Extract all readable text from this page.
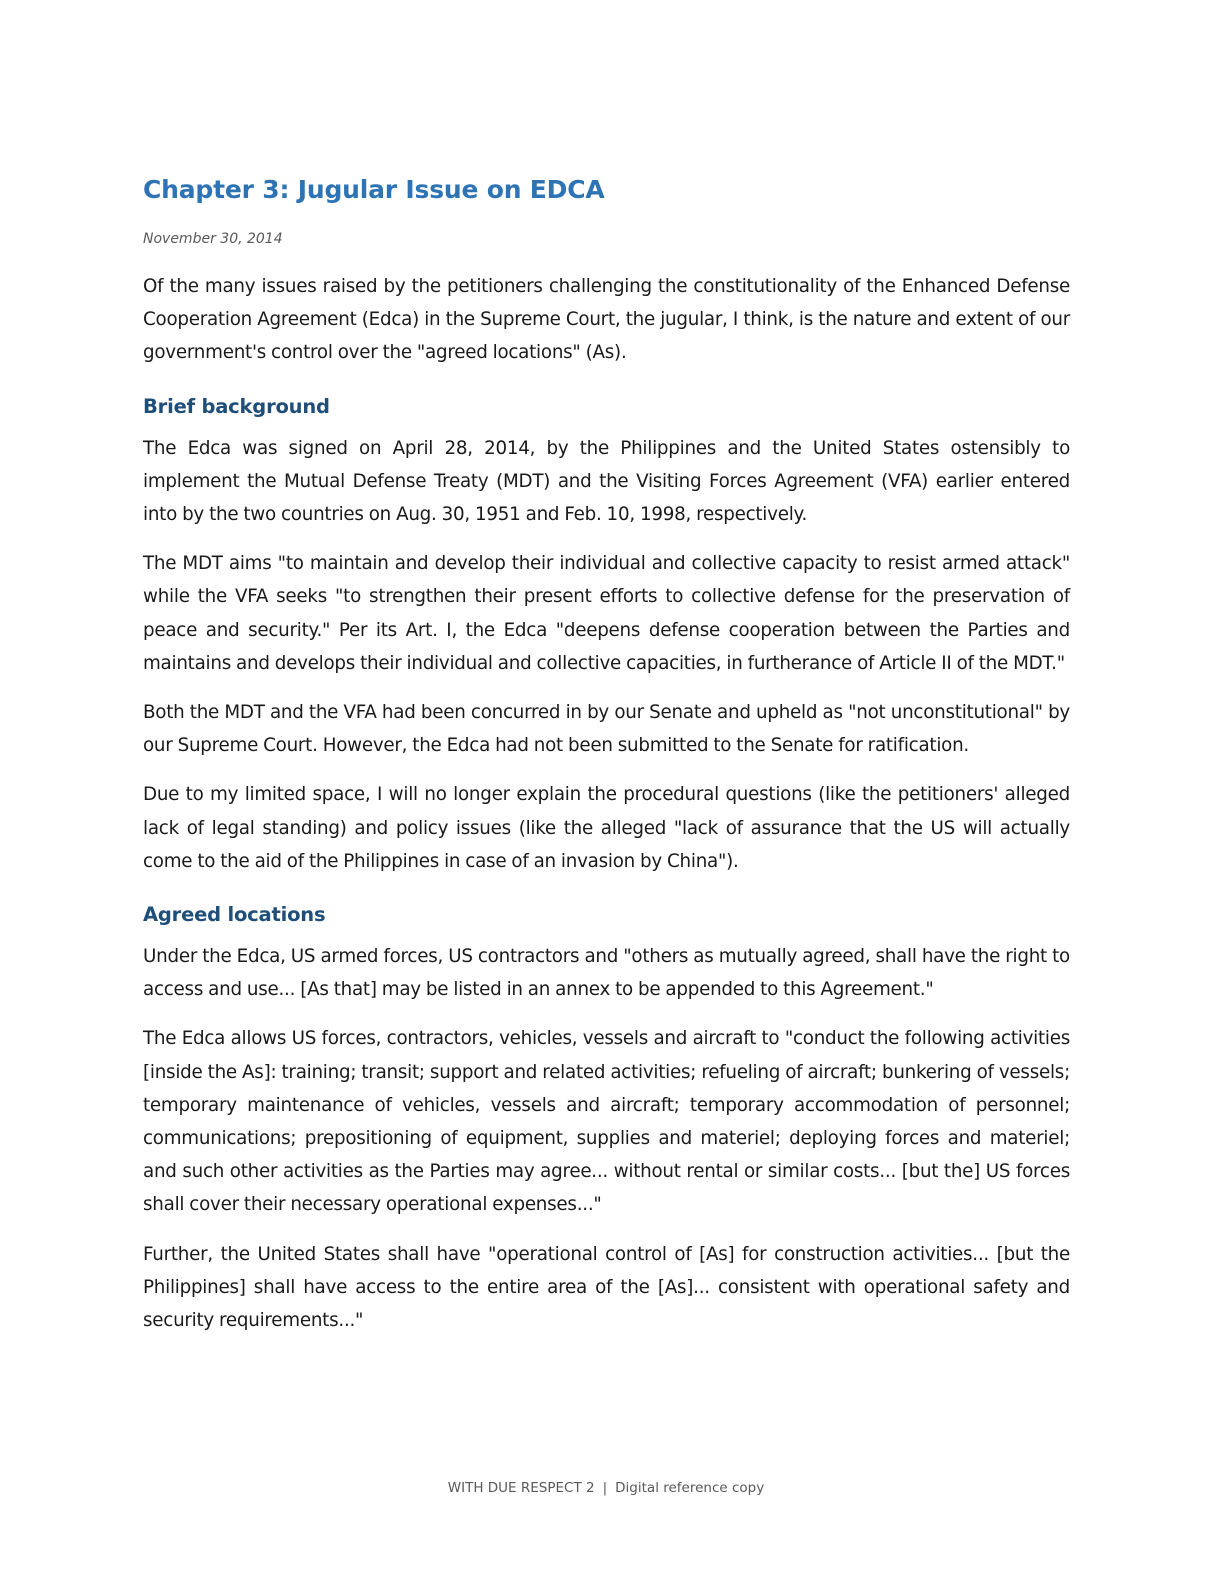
Chapter 3: Jugular Issue on EDCA
November 30, 2014

Of the many issues raised by the petitioners challenging the constitutionality of the Enhanced Defense Cooperation Agreement (Edca) in the Supreme Court, the jugular, I think, is the nature and extent of our government's control over the "agreed locations" (As).

Brief background

The Edca was signed on April 28, 2014, by the Philippines and the United States ostensibly to implement the Mutual Defense Treaty (MDT) and the Visiting Forces Agreement (VFA) earlier entered into by the two countries on Aug. 30, 1951 and Feb. 10, 1998, respectively.

The MDT aims "to maintain and develop their individual and collective capacity to resist armed attack" while the VFA seeks "to strengthen their present efforts to collective defense for the preservation of peace and security." Per its Art. I, the Edca "deepens defense cooperation between the Parties and maintains and develops their individual and collective capacities, in furtherance of Article II of the MDT."

Both the MDT and the VFA had been concurred in by our Senate and upheld as "not unconstitutional" by our Supreme Court. However, the Edca had not been submitted to the Senate for ratification.

Due to my limited space, I will no longer explain the procedural questions (like the petitioners' alleged lack of legal standing) and policy issues (like the alleged "lack of assurance that the US will actually come to the aid of the Philippines in case of an invasion by China").

Agreed locations

Under the Edca, US armed forces, US contractors and "others as mutually agreed, shall have the right to access and use... [As that] may be listed in an annex to be appended to this Agreement."

The Edca allows US forces, contractors, vehicles, vessels and aircraft to "conduct the following activities [inside the As]: training; transit; support and related activities; refueling of aircraft; bunkering of vessels; temporary maintenance of vehicles, vessels and aircraft; temporary accommodation of personnel; communications; prepositioning of equipment, supplies and materiel; deploying forces and materiel; and such other activities as the Parties may agree... without rental or similar costs... [but the] US forces shall cover their necessary operational expenses..."

Further, the United States shall have "operational control of [As] for construction activities... [but the Philippines] shall have access to the entire area of the [As]... consistent with operational safety and security requirements..."

WITH DUE RESPECT 2 | Digital reference copy
